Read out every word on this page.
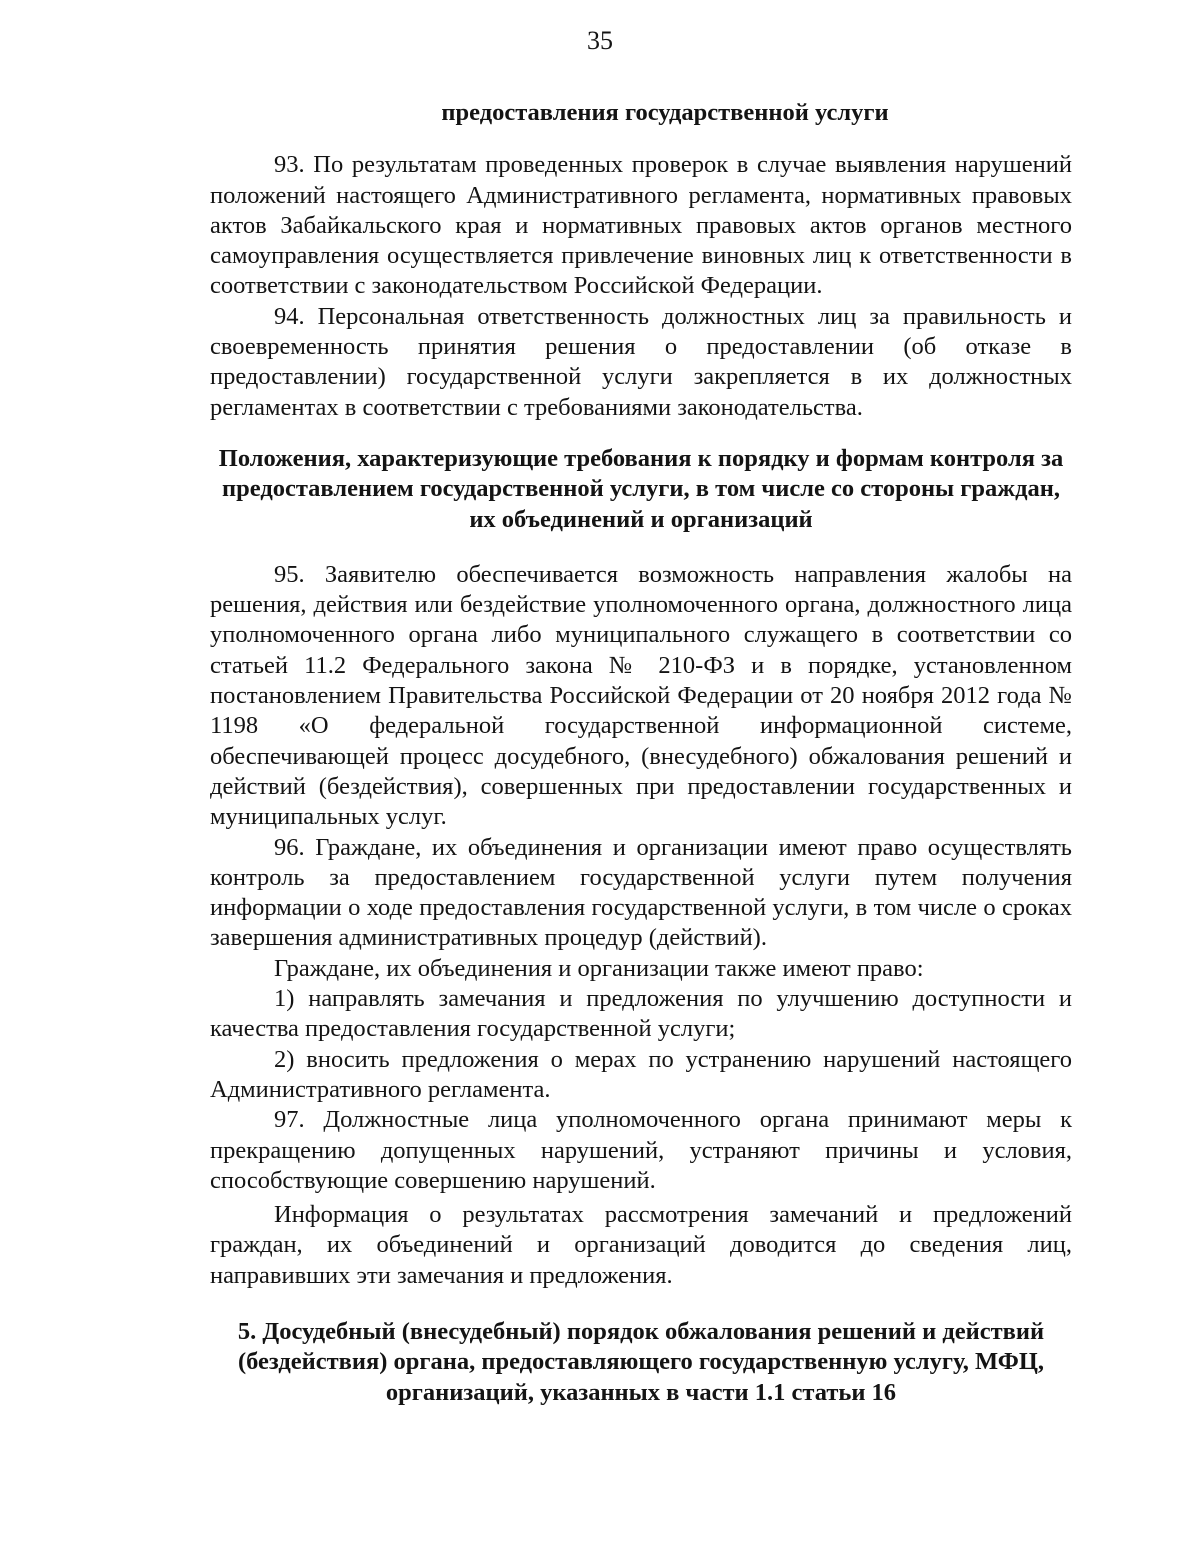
35
предоставления государственной услуги

93. По результатам проведенных проверок в случае выявления нарушений положений настоящего Административного регламента, нормативных правовых актов Забайкальского края и нормативных правовых актов органов местного самоуправления осуществляется привлечение виновных лиц к ответственности в соответствии с законодательством Российской Федерации.

94. Персональная ответственность должностных лиц за правильность и своевременность принятия решения о предоставлении (об отказе в предоставлении) государственной услуги закрепляется в их должностных регламентах в соответствии с требованиями законодательства.

Положения, характеризующие требования к порядку и формам контроля за предоставлением государственной услуги, в том числе со стороны граждан, их объединений и организаций

95. Заявителю обеспечивается возможность направления жалобы на решения, действия или бездействие уполномоченного органа, должностного лица уполномоченного органа либо муниципального служащего в соответствии со статьей 11.2 Федерального закона № 210-ФЗ и в порядке, установленном постановлением Правительства Российской Федерации от 20 ноября 2012 года № 1198 «О федеральной государственной информационной системе, обеспечивающей процесс досудебного, (внесудебного) обжалования решений и действий (бездействия), совершенных при предоставлении государственных и муниципальных услуг.

96. Граждане, их объединения и организации имеют право осуществлять контроль за предоставлением государственной услуги путем получения информации о ходе предоставления государственной услуги, в том числе о сроках завершения административных процедур (действий).

Граждане, их объединения и организации также имеют право:

1) направлять замечания и предложения по улучшению доступности и качества предоставления государственной услуги;

2) вносить предложения о мерах по устранению нарушений настоящего Административного регламента.

97. Должностные лица уполномоченного органа принимают меры к прекращению допущенных нарушений, устраняют причины и условия, способствующие совершению нарушений.

Информация о результатах рассмотрения замечаний и предложений граждан, их объединений и организаций доводится до сведения лиц, направивших эти замечания и предложения.

5. Досудебный (внесудебный) порядок обжалования решений и действий (бездействия) органа, предоставляющего государственную услугу, МФЦ, организаций, указанных в части 1.1 статьи 16
